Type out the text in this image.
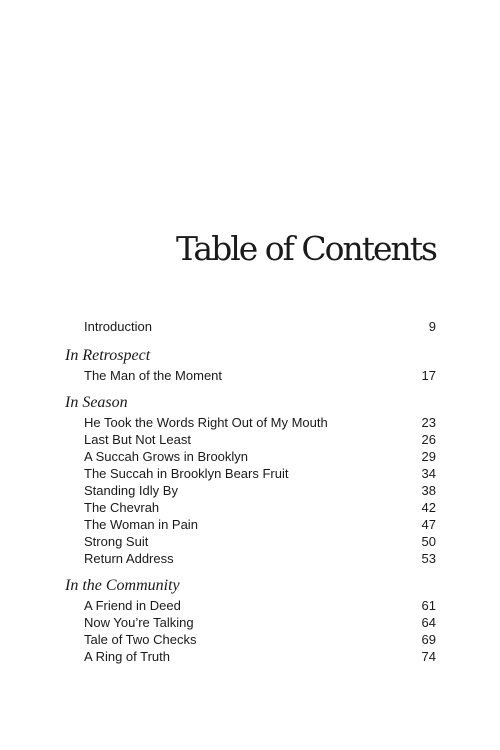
Table of Contents
Introduction	9
In Retrospect
The Man of the Moment	17
In Season
He Took the Words Right Out of My Mouth	23
Last But Not Least	26
A Succah Grows in Brooklyn	29
The Succah in Brooklyn Bears Fruit	34
Standing Idly By	38
The Chevrah	42
The Woman in Pain	47
Strong Suit	50
Return Address	53
In the Community
A Friend in Deed	61
Now You’re Talking	64
Tale of Two Checks	69
A Ring of Truth	74
